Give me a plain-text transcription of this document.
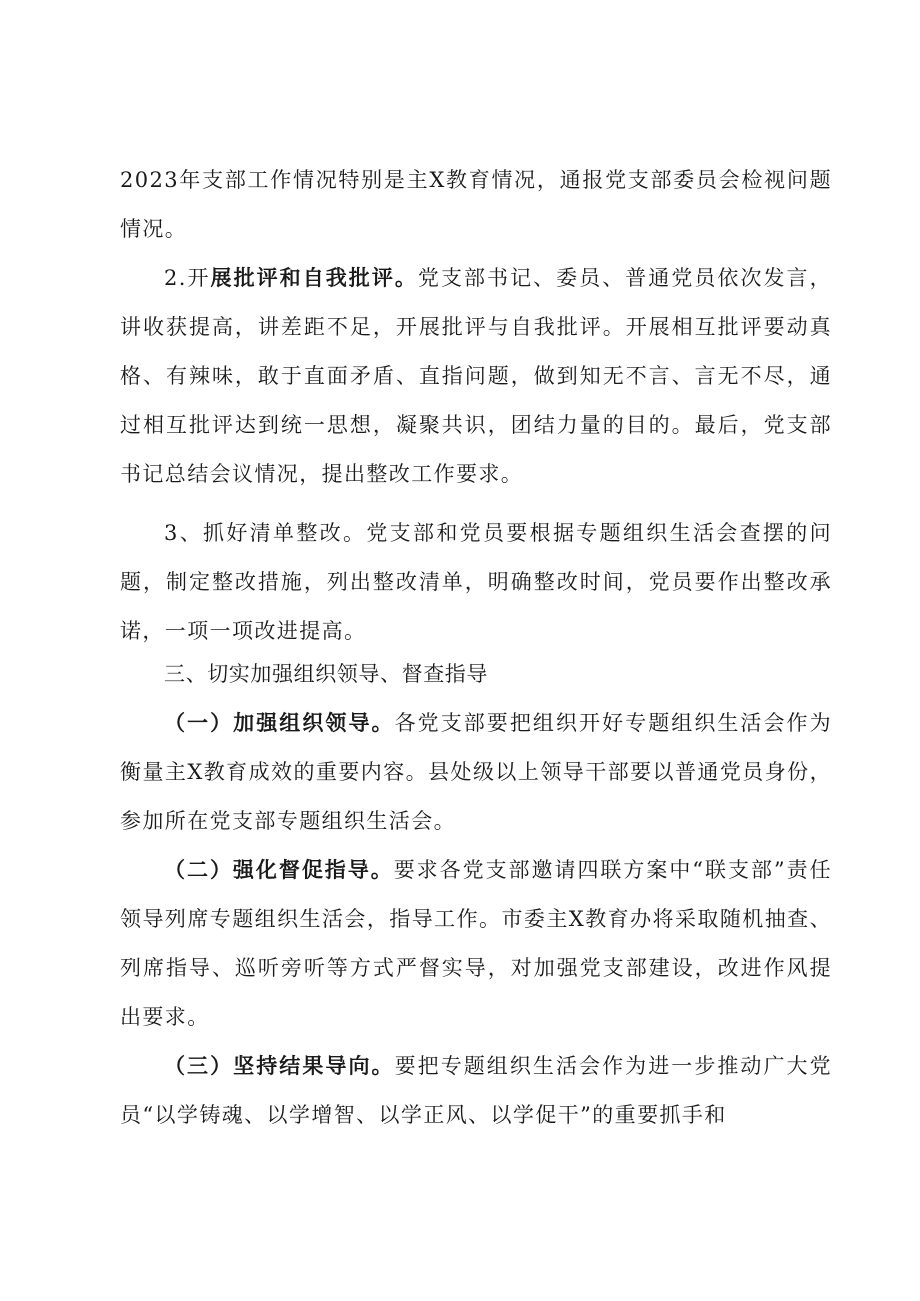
2023年支部工作情况特别是主X教育情况，通报党支部委员会检视问题情况。

2.开展批评和自我批评。党支部书记、委员、普通党员依次发言，讲收获提高，讲差距不足，开展批评与自我批评。开展相互批评要动真格、有辣味，敢于直面矛盾、直指问题，做到知无不言、言无不尽，通过相互批评达到统一思想，凝聚共识，团结力量的目的。最后，党支部书记总结会议情况，提出整改工作要求。

3、抓好清单整改。党支部和党员要根据专题组织生活会查摆的问题，制定整改措施，列出整改清单，明确整改时间，党员要作出整改承诺，一项一项改进提高。

三、切实加强组织领导、督查指导

（一）加强组织领导。各党支部要把组织开好专题组织生活会作为衡量主X教育成效的重要内容。县处级以上领导干部要以普通党员身份，参加所在党支部专题组织生活会。

（二）强化督促指导。要求各党支部邀请四联方案中“联支部”责任领导列席专题组织生活会，指导工作。市委主X教育办将采取随机抽查、列席指导、巡听旁听等方式严督实导，对加强党支部建设，改进作风提出要求。

（三）坚持结果导向。要把专题组织生活会作为进一步推动广大党员“以学铸魂、以学增智、以学正风、以学促干”的重要抓手和
